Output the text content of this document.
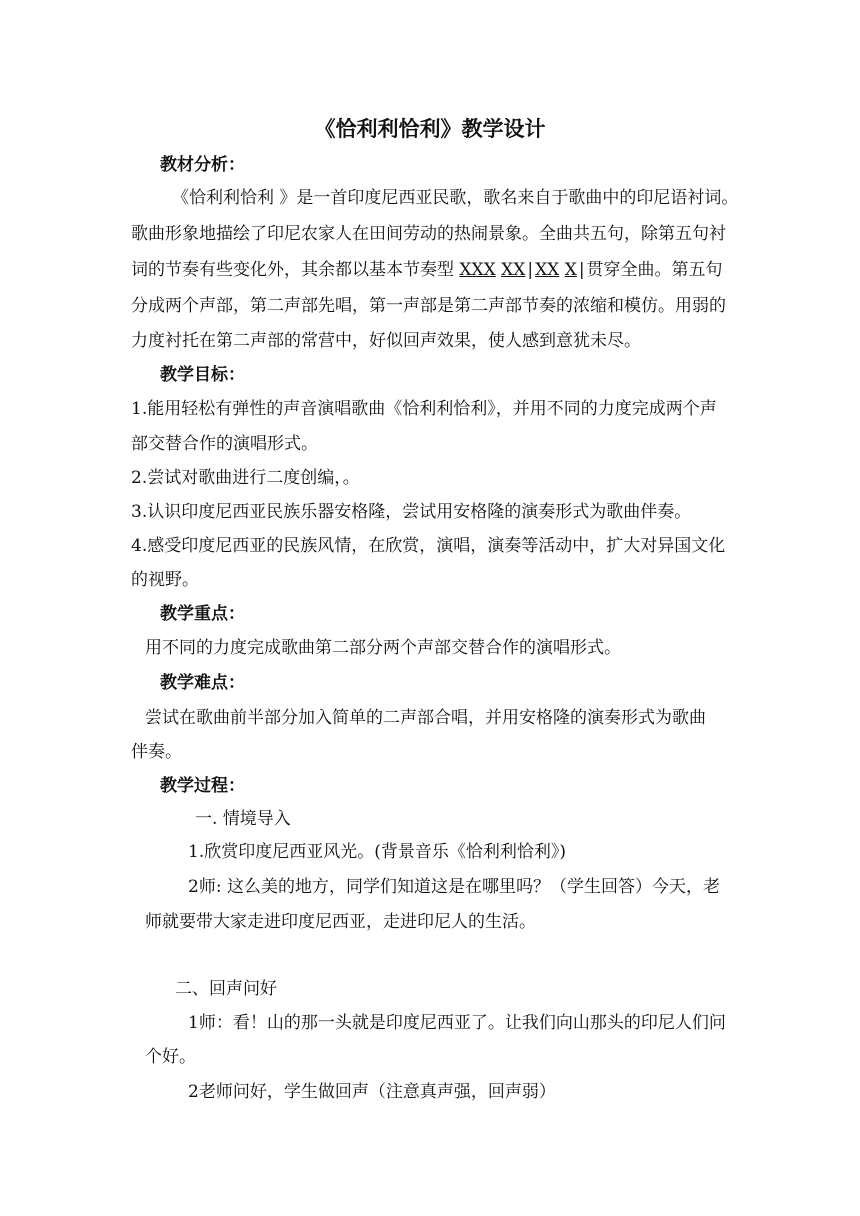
《恰利利恰利》教学设计
教材分析：
《恰利利恰利 》是一首印度尼西亚民歌，歌名来自于歌曲中的印尼语衬词。
歌曲形象地描绘了印尼农家人在田间劳动的热闹景象。全曲共五句，除第五句衬
词的节奏有些变化外，其余都以基本节奏型 XXX XX | XX X | 贯穿全曲。第五句
分成两个声部，第二声部先唱，第一声部是第二声部节奏的浓缩和模仿。用弱的
力度衬托在第二声部的常营中，好似回声效果，使人感到意犹未尽。
教学目标：
1.能用轻松有弹性的声音演唱歌曲《恰利利恰利》，并用不同的力度完成两个声
部交替合作的演唱形式。
2.尝试对歌曲进行二度创编，。
3.认识印度尼西亚民族乐器安格隆，尝试用安格隆的演奏形式为歌曲伴奏。
4.感受印度尼西亚的民族风情，在欣赏，演唱，演奏等活动中，扩大对异国文化
的视野。
教学重点：
用不同的力度完成歌曲第二部分两个声部交替合作的演唱形式。
教学难点：
尝试在歌曲前半部分加入简单的二声部合唱，并用安格隆的演奏形式为歌曲
伴奏。
教学过程：
一. 情境导入
1.欣赏印度尼西亚风光。(背景音乐《恰利利恰利》)
2师: 这么美的地方，同学们知道这是在哪里吗？（学生回答）今天，老
师就要带大家走进印度尼西亚，走进印尼人的生活。
二、回声问好
1师：看！山的那一头就是印度尼西亚了。让我们向山那头的印尼人们问
个好。
2老师问好，学生做回声（注意真声强，回声弱）
